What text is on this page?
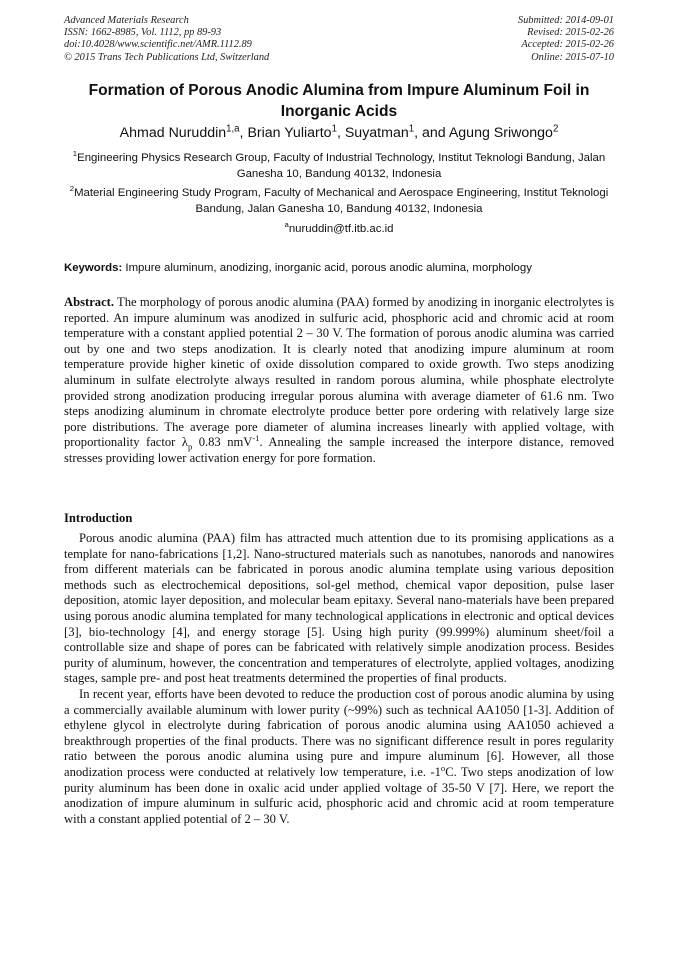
Advanced Materials Research
ISSN: 1662-8985, Vol. 1112, pp 89-93
doi:10.4028/www.scientific.net/AMR.1112.89
© 2015 Trans Tech Publications Ltd, Switzerland
Submitted: 2014-09-01
Revised: 2015-02-26
Accepted: 2015-02-26
Online: 2015-07-10
Formation of Porous Anodic Alumina from Impure Aluminum Foil in Inorganic Acids
Ahmad Nuruddin$^{1,a}$, Brian Yuliarto$^1$, Suyatman$^1$, and Agung Sriwongo$^2$
$^1$Engineering Physics Research Group, Faculty of Industrial Technology, Institut Teknologi Bandung, Jalan Ganesha 10, Bandung 40132, Indonesia
$^2$Material Engineering Study Program, Faculty of Mechanical and Aerospace Engineering, Institut Teknologi Bandung, Jalan Ganesha 10, Bandung 40132, Indonesia
$^a$nuruddin@tf.itb.ac.id
Keywords: Impure aluminum, anodizing, inorganic acid, porous anodic alumina, morphology
Abstract. The morphology of porous anodic alumina (PAA) formed by anodizing in inorganic electrolytes is reported. An impure aluminum was anodized in sulfuric acid, phosphoric acid and chromic acid at room temperature with a constant applied potential 2 – 30 V. The formation of porous anodic alumina was carried out by one and two steps anodization. It is clearly noted that anodizing impure aluminum at room temperature provide higher kinetic of oxide dissolution compared to oxide growth. Two steps anodizing aluminum in sulfate electrolyte always resulted in random porous alumina, while phosphate electrolyte provided strong anodization producing irregular porous alumina with average diameter of 61.6 nm. Two steps anodizing aluminum in chromate electrolyte produce better pore ordering with relatively large size pore distributions. The average pore diameter of alumina increases linearly with applied voltage, with proportionality factor $\lambda_p$ 0.83 nmV$^{-1}$. Annealing the sample increased the interpore distance, removed stresses providing lower activation energy for pore formation.
Introduction

Porous anodic alumina (PAA) film has attracted much attention due to its promising applications as a template for nano-fabrications [1,2]. Nano-structured materials such as nanotubes, nanorods and nanowires from different materials can be fabricated in porous anodic alumina template using various deposition methods such as electrochemical depositions, sol-gel method, chemical vapor deposition, pulse laser deposition, atomic layer deposition, and molecular beam epitaxy. Several nano-materials have been prepared using porous anodic alumina templated for many technological applications in electronic and optical devices [3], bio-technology [4], and energy storage [5]. Using high purity (99.999%) aluminum sheet/foil a controllable size and shape of pores can be fabricated with relatively simple anodization process. Besides purity of aluminum, however, the concentration and temperatures of electrolyte, applied voltages, anodizing stages, sample pre- and post heat treatments determined the properties of final products.

In recent year, efforts have been devoted to reduce the production cost of porous anodic alumina by using a commercially available aluminum with lower purity (~99%) such as technical AA1050 [1-3]. Addition of ethylene glycol in electrolyte during fabrication of porous anodic alumina using AA1050 achieved a breakthrough properties of the final products. There was no significant difference result in pores regularity ratio between the porous anodic alumina using pure and impure aluminum [6]. However, all those anodization process were conducted at relatively low temperature, i.e. -1$^o$C. Two steps anodization of low purity aluminum has been done in oxalic acid under applied voltage of 35-50 V [7]. Here, we report the anodization of impure aluminum in sulfuric acid, phosphoric acid and chromic acid at room temperature with a constant applied potential of 2 – 30 V.
